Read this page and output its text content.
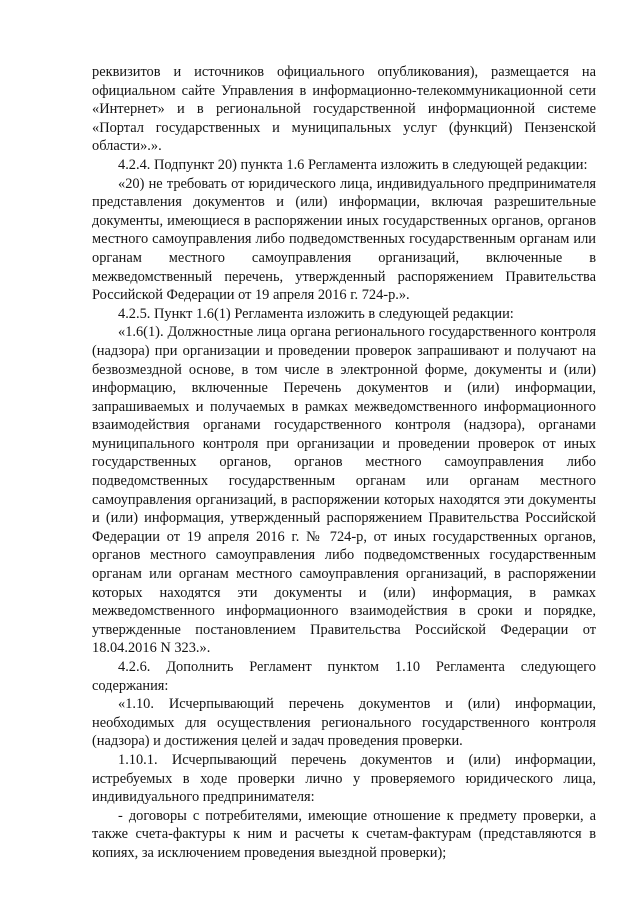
реквизитов и источников официального опубликования), размещается на официальном сайте Управления в информационно-телекоммуникационной сети «Интернет» и в региональной государственной информационной системе «Портал государственных и муниципальных услуг (функций) Пензенской области».».

4.2.4. Подпункт 20) пункта 1.6 Регламента изложить в следующей редакции:

«20) не требовать от юридического лица, индивидуального предпринимателя представления документов и (или) информации, включая разрешительные документы, имеющиеся в распоряжении иных государственных органов, органов местного самоуправления либо подведомственных государственным органам или органам местного самоуправления организаций, включенные в межведомственный перечень, утвержденный распоряжением Правительства Российской Федерации от 19 апреля 2016 г. 724-р.».

4.2.5. Пункт 1.6(1) Регламента изложить в следующей редакции:

«1.6(1). Должностные лица органа регионального государственного контроля (надзора) при организации и проведении проверок запрашивают и получают на безвозмездной основе, в том числе в электронной форме, документы и (или) информацию, включенные Перечень документов и (или) информации, запрашиваемых и получаемых в рамках межведомственного информационного взаимодействия органами государственного контроля (надзора), органами муниципального контроля при организации и проведении проверок от иных государственных органов, органов местного самоуправления либо подведомственных государственным органам или органам местного самоуправления организаций, в распоряжении которых находятся эти документы и (или) информация, утвержденный распоряжением Правительства Российской Федерации от 19 апреля 2016 г. № 724-р, от иных государственных органов, органов местного самоуправления либо подведомственных государственным органам или органам местного самоуправления организаций, в распоряжении которых находятся эти документы и (или) информация, в рамках межведомственного информационного взаимодействия в сроки и порядке, утвержденные постановлением Правительства Российской Федерации от 18.04.2016 N 323.».

4.2.6. Дополнить Регламент пунктом 1.10 Регламента следующего содержания:

«1.10. Исчерпывающий перечень документов и (или) информации, необходимых для осуществления регионального государственного контроля (надзора) и достижения целей и задач проведения проверки.

1.10.1. Исчерпывающий перечень документов и (или) информации, истребуемых в ходе проверки лично у проверяемого юридического лица, индивидуального предпринимателя:

- договоры с потребителями, имеющие отношение к предмету проверки, а также счета-фактуры к ним и расчеты к счетам-фактурам (представляются в копиях, за исключением проведения выездной проверки);
